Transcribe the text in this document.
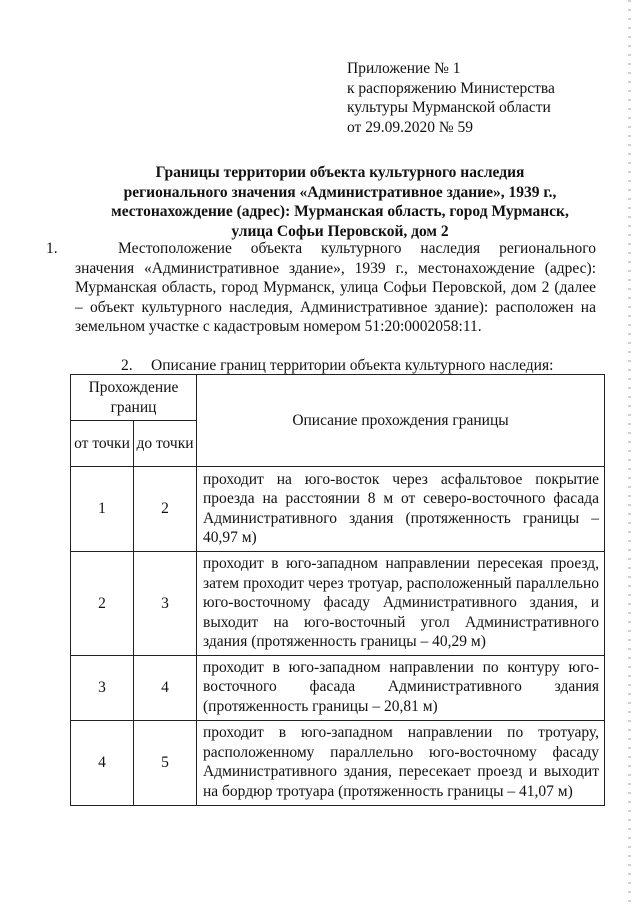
Приложение № 1
к распоряжению Министерства
культуры Мурманской области
от 29.09.2020 № 59
Границы территории объекта культурного наследия
регионального значения «Административное здание», 1939 г.,
местонахождение (адрес): Мурманская область, город Мурманск,
улица Софьи Перовской, дом 2
1.	Местоположение объекта культурного наследия регионального значения «Административное здание», 1939 г., местонахождение (адрес): Мурманская область, город Мурманск, улица Софьи Перовской, дом 2 (далее – объект культурного наследия, Административное здание): расположен на земельном участке с кадастровым номером 51:20:0002058:11.
2. Описание границ территории объекта культурного наследия:
Прохождение границ		Описание прохождения границы
от точки	до точки	
1	2	проходит на юго-восток через асфальтовое покрытие проезда на расстоянии 8 м от северо-восточного фасада Административного здания (протяженность границы – 40,97 м)
2	3	проходит в юго-западном направлении пересекая проезд, затем проходит через тротуар, расположенный параллельно юго-восточному фасаду Административного здания, и выходит на юго-восточный угол Административного здания (протяженность границы – 40,29 м)
3	4	проходит в юго-западном направлении по контуру юго-восточного фасада Административного здания (протяженность границы – 20,81 м)
4	5	проходит в юго-западном направлении по тротуару, расположенному параллельно юго-восточному фасаду Административного здания, пересекает проезд и выходит на бордюр тротуара (протяженность границы – 41,07 м)
